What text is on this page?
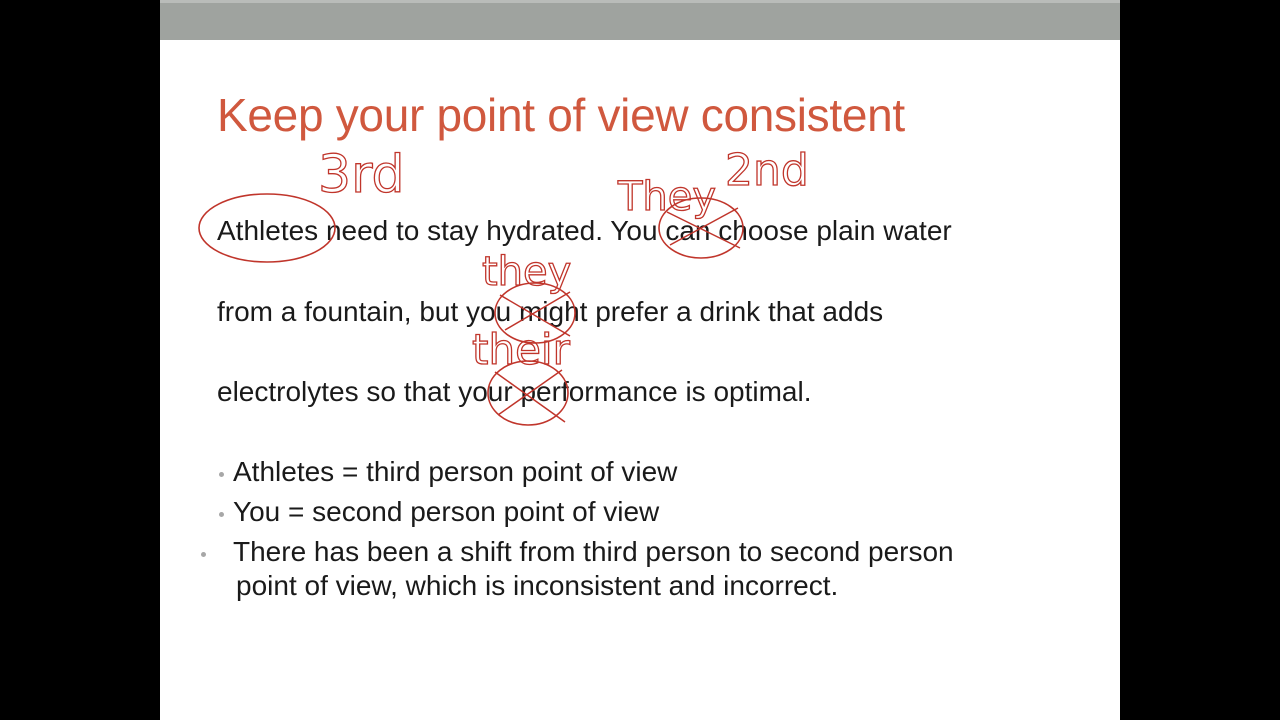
Keep your point of view consistent
Athletes need to stay hydrated. You can choose plain water
from a fountain, but you might prefer a drink that adds
electrolytes so that your performance is optimal.
Athletes = third person point of view
You = second person point of view
There has been a shift from third person to second person
point of view, which is inconsistent and incorrect.
3rd	2nd
They
they
their
